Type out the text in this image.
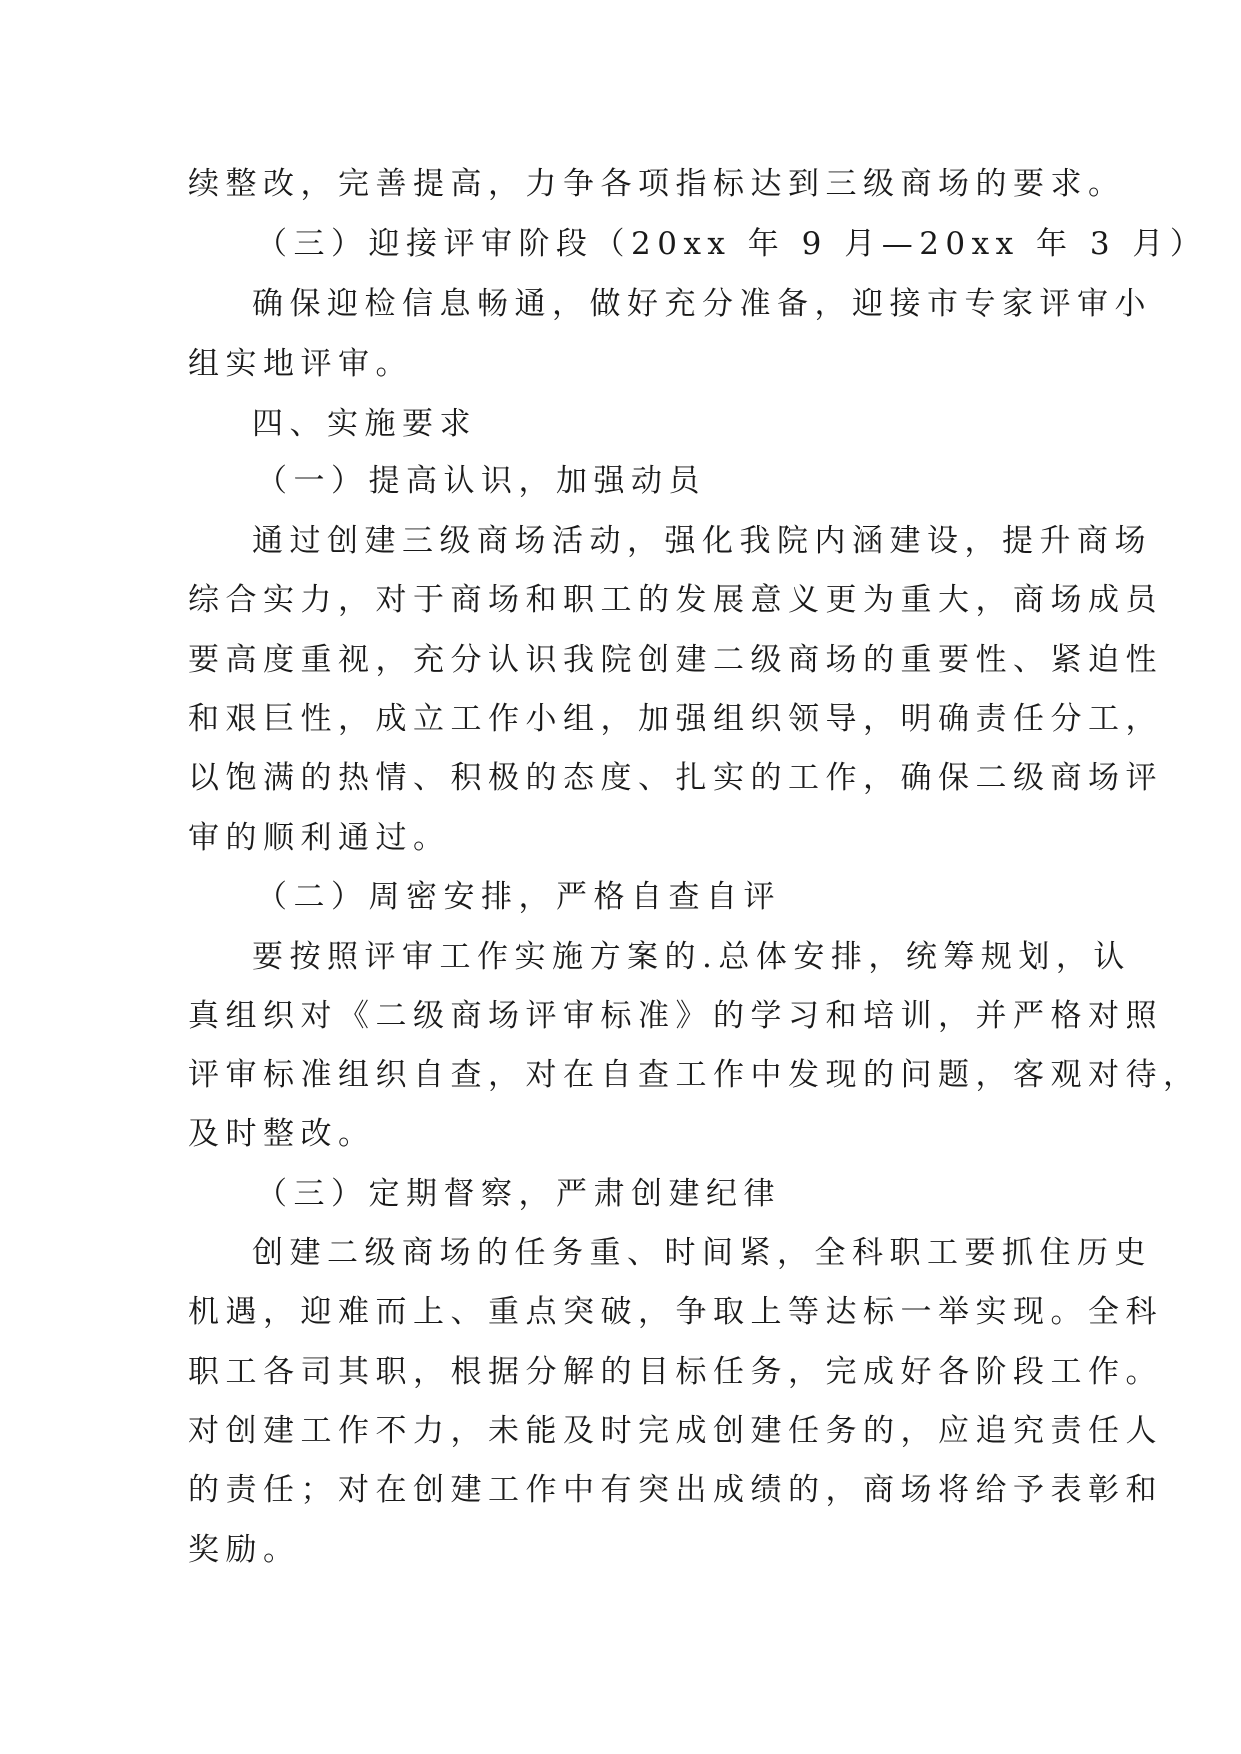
续整改，完善提高，力争各项指标达到三级商场的要求。
（三）迎接评审阶段（20xx 年 9 月—20xx 年 3 月）
确保迎检信息畅通，做好充分准备，迎接市专家评审小
组实地评审。
四、实施要求
（一）提高认识，加强动员
通过创建三级商场活动，强化我院内涵建设，提升商场
综合实力，对于商场和职工的发展意义更为重大，商场成员
要高度重视，充分认识我院创建二级商场的重要性、紧迫性
和艰巨性，成立工作小组，加强组织领导，明确责任分工，
以饱满的热情、积极的态度、扎实的工作，确保二级商场评
审的顺利通过。
（二）周密安排，严格自查自评
要按照评审工作实施方案的.总体安排，统筹规划，认
真组织对《二级商场评审标准》的学习和培训，并严格对照
评审标准组织自查，对在自查工作中发现的问题，客观对待，
及时整改。
（三）定期督察，严肃创建纪律
创建二级商场的任务重、时间紧，全科职工要抓住历史
机遇，迎难而上、重点突破，争取上等达标一举实现。全科
职工各司其职，根据分解的目标任务，完成好各阶段工作。
对创建工作不力，未能及时完成创建任务的，应追究责任人
的责任；对在创建工作中有突出成绩的，商场将给予表彰和
奖励。
